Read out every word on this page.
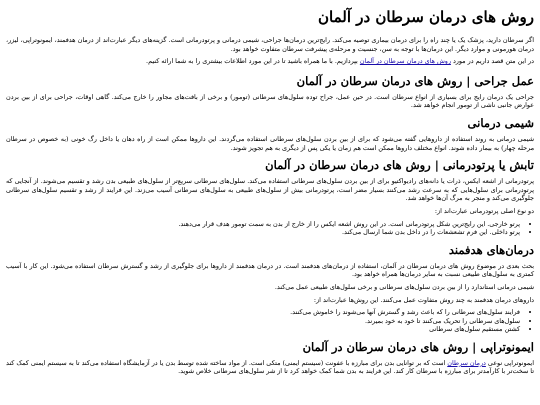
روش های درمان سرطان در آلمان

اگر سرطان دارید، پزشک یک یا چند راه را برای درمان بیماری توصیه می‌کند. رایج‌ترین درمان‌ها جراحی، شیمی درمانی و پرتودرمانی است. گزینه‌های دیگر عبارت‌اند از درمان هدفمند، ایمونوتراپی، لیزر، درمان هورمونی و موارد دیگر. این درمان‌ها با توجه به سن، جنسیت و مرحله‌ی پیشرفت سرطان متفاوت خواهد بود.

در این متن قصد داریم در مورد روش های درمان سرطان در آلمان بپردازیم. با ما همراه باشید تا در این مورد اطلاعات بیشتری را به شما ارائه کنیم.

عمل جراحی | روش های درمان سرطان در آلمان

جراحی یک درمان رایج برای بسیاری از انواع سرطان است. در حین عمل، جراح توده سلول‌های سرطانی (تومور) و برخی از بافت‌های مجاور را خارج می‌کند. گاهی اوقات، جراحی برای از بین بردن عوارض جانبی ناشی از تومور انجام خواهد شد.

شیمی درمانی

شیمی درمانی به روند استفاده از داروهایی گفته می‌شود که برای از بین بردن سلول‌های سرطانی استفاده می‌گردند. این داروها ممکن است از راه دهان یا داخل رگ خونی (به خصوص در سرطان مرحله چهار) به بیمار داده شوند. انواع مختلف داروها ممکن است هم زمان یا یکی پس از دیگری به هم تجویز شوند.

تابش یا پرتودرمانی | روش های درمان سرطان در آلمان

پرتودرمانی از اشعه ایکس، ذرات یا دانه‌های رادیواکتیو برای از بین بردن سلول‌های سرطانی استفاده می‌کند. سلول‌های سرطانی سریع‌تر از سلول‌های طبیعی بدن رشد و تقسیم می‌شوند. از آنجایی که پرتودرمانی برای سلول‌هایی که به سرعت رشد می‌کنند بسیار مضر است، پرتودرمانی بیش از سلول‌های طبیعی به سلول‌های سرطانی آسیب می‌زند. این فرایند از رشد و تقسیم سلول‌های سرطانی جلوگیری می‌کند و منجر به مرگ آن‌ها خواهد شد.

دو نوع اصلی پرتودرمانی عبارت‌اند از:

• پرتو خارجی. این رایج‌ترین شکل پرتودرمانی است. در این روش اشعه ایکس را از خارج از بدن به سمت تومور هدف قرار می‌دهند.
• پرتو داخلی. این فرم تشعشعات را در داخل بدن شما ارسال می‌کند.
درمان‌های هدفمند

بحث بعدی در موضوع روش های درمان سرطان در آلمان، استفاده از درمان‌های هدفمند است. در درمان هدفمند از داروها برای جلوگیری از رشد و گسترش سرطان استفاده می‌شود. این کار با آسیب کمتری به سلول‌های طبیعی نسبت به سایر درمان‌ها همراه خواهد بود.

شیمی درمانی استاندارد را از بین بردن سلول‌های سرطانی و برخی سلول‌های طبیعی عمل می‌کند.

داروهای درمان هدفمند به چند روش متفاوت عمل می‌کنند. این روش‌ها عبارت‌اند از:

• فرایند سلول‌های سرطانی را که باعث رشد و گسترش آنها می‌شوند را خاموش می‌کنند.
• سلول‌های سرطانی را تحریک می‌کنند تا خود به خود بمیرند.
• کشتن مستقیم سلول‌های سرطانی
ایمونوتراپی | روش های درمان سرطان در آلمان

ایمونوتراپی نوعی درمان سرطان است که بر توانایی بدن برای مبارزه با عفونت (سیستم ایمنی) متکی است. از مواد ساخته شده توسط بدن یا در آزمایشگاه استفاده می‌کند تا به سیستم ایمنی کمک کند تا سخت‌تر با کارآمدتر برای مبارزه با سرطان کار کند. این فرایند به بدن شما کمک خواهد کرد تا از شر سلول‌های سرطانی خلاص شوید.
